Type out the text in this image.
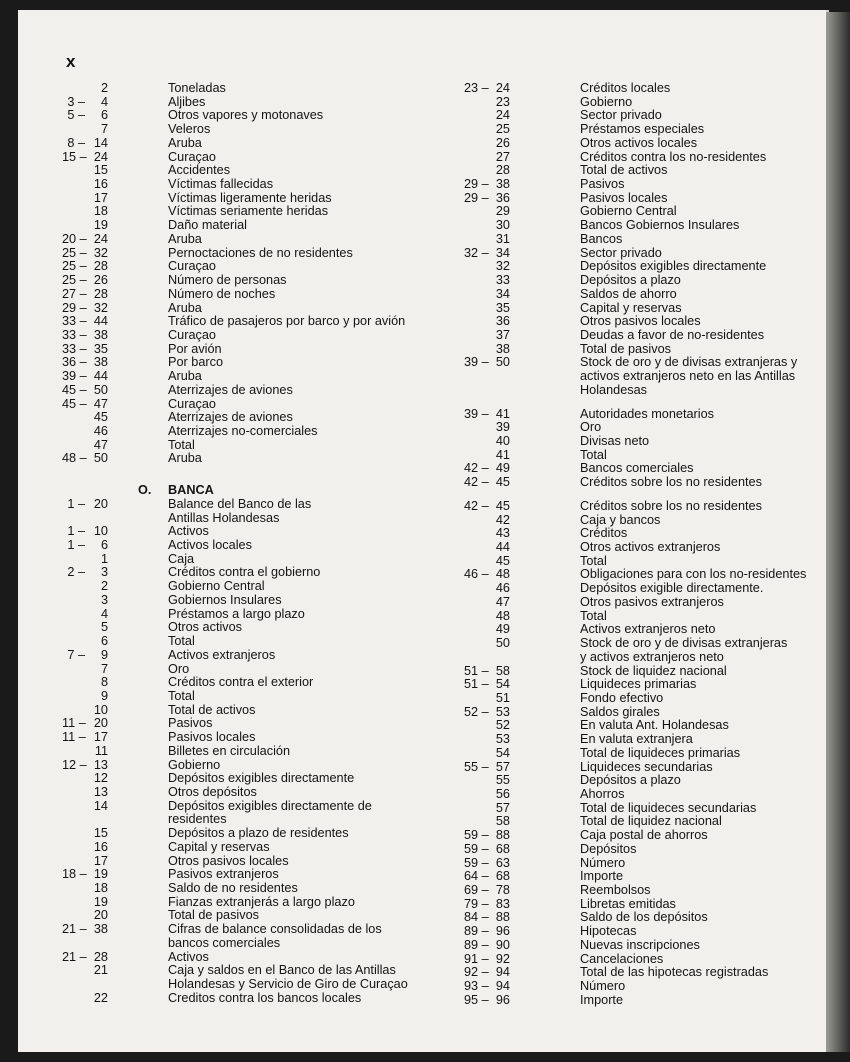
x
2	Toneladas
3 –	4	Aljibes
5 –	6	Otros vapores y motonaves
7	Veleros
8 – 14	Aruba
15 – 24	Curaçao
15	Accidentes
16	Víctimas fallecidas
17	Víctimas ligeramente heridas
18	Víctimas seriamente heridas
19	Daño material
20 – 24	Aruba
25 – 32	Pernoctaciones de no residentes
25 – 28	Curaçao
25 – 26	Número de personas
27 – 28	Número de noches
29 – 32	Aruba
33 – 44	Tráfico de pasajeros por barco y por avión
33 – 38	Curaçao
33 – 35	Por avión
36 – 38	Por barco
39 – 44	Aruba
45 – 50	Aterrizajes de aviones
45 – 47	Curaçao
45	Aterrizajes de aviones
46	Aterrizajes no-comerciales
47	Total
48 – 50	Aruba
O. BANCA
1 – 20	Balance del Banco de las
Antillas Holandesas
1 – 10	Activos
1 –	6	Activos locales
1	Caja
2 –	3	Créditos contra el gobierno
2	Gobierno Central
3	Gobiernos Insulares
4	Préstamos a largo plazo
5	Otros activos
6	Total
7 –	9	Activos extranjeros
7	Oro
8	Créditos contra el exterior
9	Total
10	Total de activos
11 – 20	Pasivos
11 – 17	Pasivos locales
11	Billetes en circulación
12 – 13	Gobierno
12	Depósitos exigibles directamente
13	Otros depósitos
14	Depósitos exigibles directamente de
residentes
15	Depósitos a plazo de residentes
16	Capital y reservas
17	Otros pasivos locales
18 – 19	Pasivos extranjeros
18	Saldo de no residentes
19	Fianzas extranjerás a largo plazo
20	Total de pasivos
21 – 38	Cifras de balance consolidadas de los
bancos comerciales
21 – 28	Activos
21	Caja y saldos en el Banco de las Antillas
Holandesas y Servicio de Giro de Curaçao
22	Creditos contra los bancos locales
23 – 24	Créditos locales
23	Gobierno
24	Sector privado
25	Préstamos especiales
26	Otros activos locales
27	Créditos contra los no-residentes
28	Total de activos
29 – 38	Pasivos
29 – 36	Pasivos locales
29	Gobierno Central
30	Bancos Gobiernos Insulares
31	Bancos
32 – 34	Sector privado
32	Depósitos exigibles directamente
33	Depósitos a plazo
34	Saldos de ahorro
35	Capital y reservas
36	Otros pasivos locales
37	Deudas a favor de no-residentes
38	Total de pasivos
39 – 50	Stock de oro y de divisas extranjeras y
activos extranjeros neto en las Antillas
Holandesas
39 – 41	Autoridades monetarios
39	Oro
40	Divisas neto
41	Total
42 – 49	Bancos comerciales
42 – 45	Créditos sobre los no residentes
42 – 45	Créditos sobre los no residentes
42	Caja y bancos
43	Créditos
44	Otros activos extranjeros
45	Total
46 – 48	Obligaciones para con los no-residentes
46	Depósitos exigible directamente.
47	Otros pasivos extranjeros
48	Total
49	Activos extranjeros neto
50	Stock de oro y de divisas extranjeras
y activos extranjeros neto
51 – 58	Stock de liquidez nacional
51 – 54	Liquideces primarias
51	Fondo efectivo
52 – 53	Saldos girales
52	En valuta Ant. Holandesas
53	En valuta extranjera
54	Total de liquideces primarias
55 – 57	Liquideces secundarias
55	Depósitos a plazo
56	Ahorros
57	Total de liquideces secundarias
58	Total de liquidez nacional
59 – 88	Caja postal de ahorros
59 – 68	Depósitos
59 – 63	Número
64 – 68	Importe
69 – 78	Reembolsos
79 – 83	Libretas emitidas
84 – 88	Saldo de los depósitos
89 – 96	Hipotecas
89 – 90	Nuevas inscripciones
91 – 92	Cancelaciones
92 – 94	Total de las hipotecas registradas
93 – 94	Número
95 – 96	Importe
